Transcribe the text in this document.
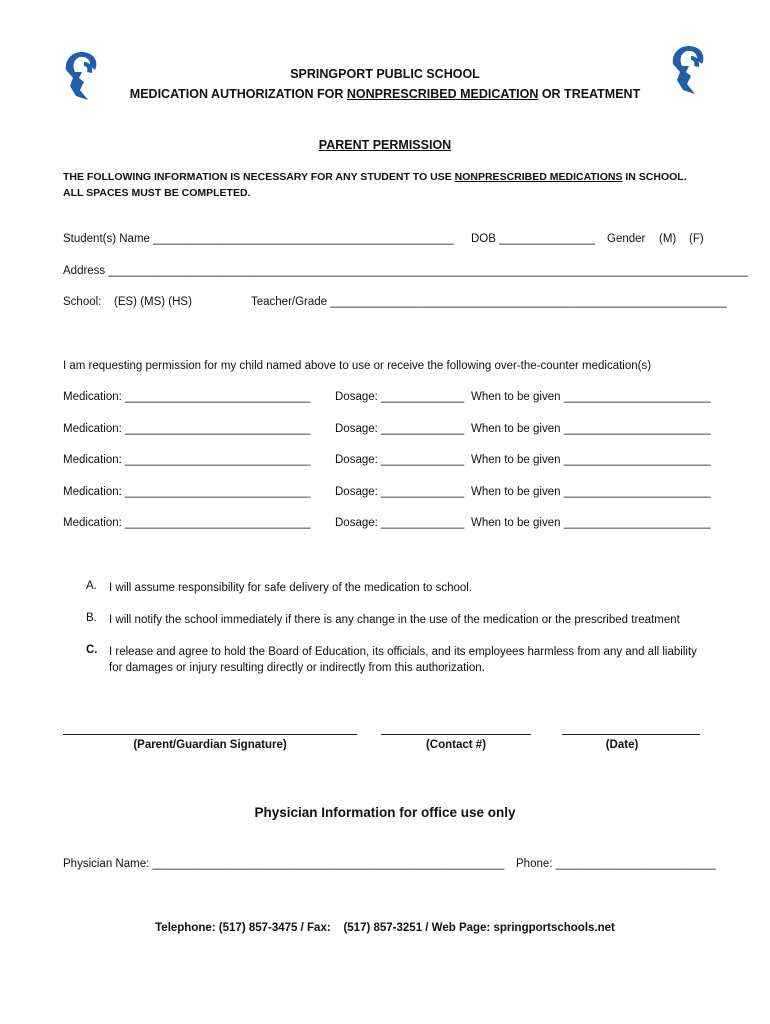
SPRINGPORT PUBLIC SCHOOL
MEDICATION AUTHORIZATION FOR NONPRESCRIBED MEDICATION OR TREATMENT
PARENT PERMISSION
THE FOLLOWING INFORMATION IS NECESSARY FOR ANY STUDENT TO USE NONPRESCRIBED MEDICATIONS IN SCHOOL.
ALL SPACES MUST BE COMPLETED.
Student(s) Name _______________________________________________ DOB _______________ Gender (M) (F)
Address ____________________________________________________________________________________________________
School: (ES) (MS) (HS)	Teacher/Grade ______________________________________________________________
I am requesting permission for my child named above to use or receive the following over-the-counter medication(s)
Medication: _____________________________ Dosage: _____________ When to be given _______________________
Medication: _____________________________ Dosage: _____________ When to be given _______________________
Medication: _____________________________ Dosage: _____________ When to be given _______________________
Medication: _____________________________ Dosage: _____________ When to be given _______________________
Medication: _____________________________ Dosage: _____________ When to be given _______________________
A. I will assume responsibility for safe delivery of the medication to school.
B. I will notify the school immediately if there is any change in the use of the medication or the prescribed treatment
C. I release and agree to hold the Board of Education, its officials, and its employees harmless from any and all liability for damages or injury resulting directly or indirectly from this authorization.
(Parent/Guardian Signature)	(Contact #)	(Date)
Physician Information for office use only
Physician Name: _______________________________________________________ Phone: _________________________
Telephone: (517) 857-3475 / Fax:    (517) 857-3251 / Web Page: springportschools.net
